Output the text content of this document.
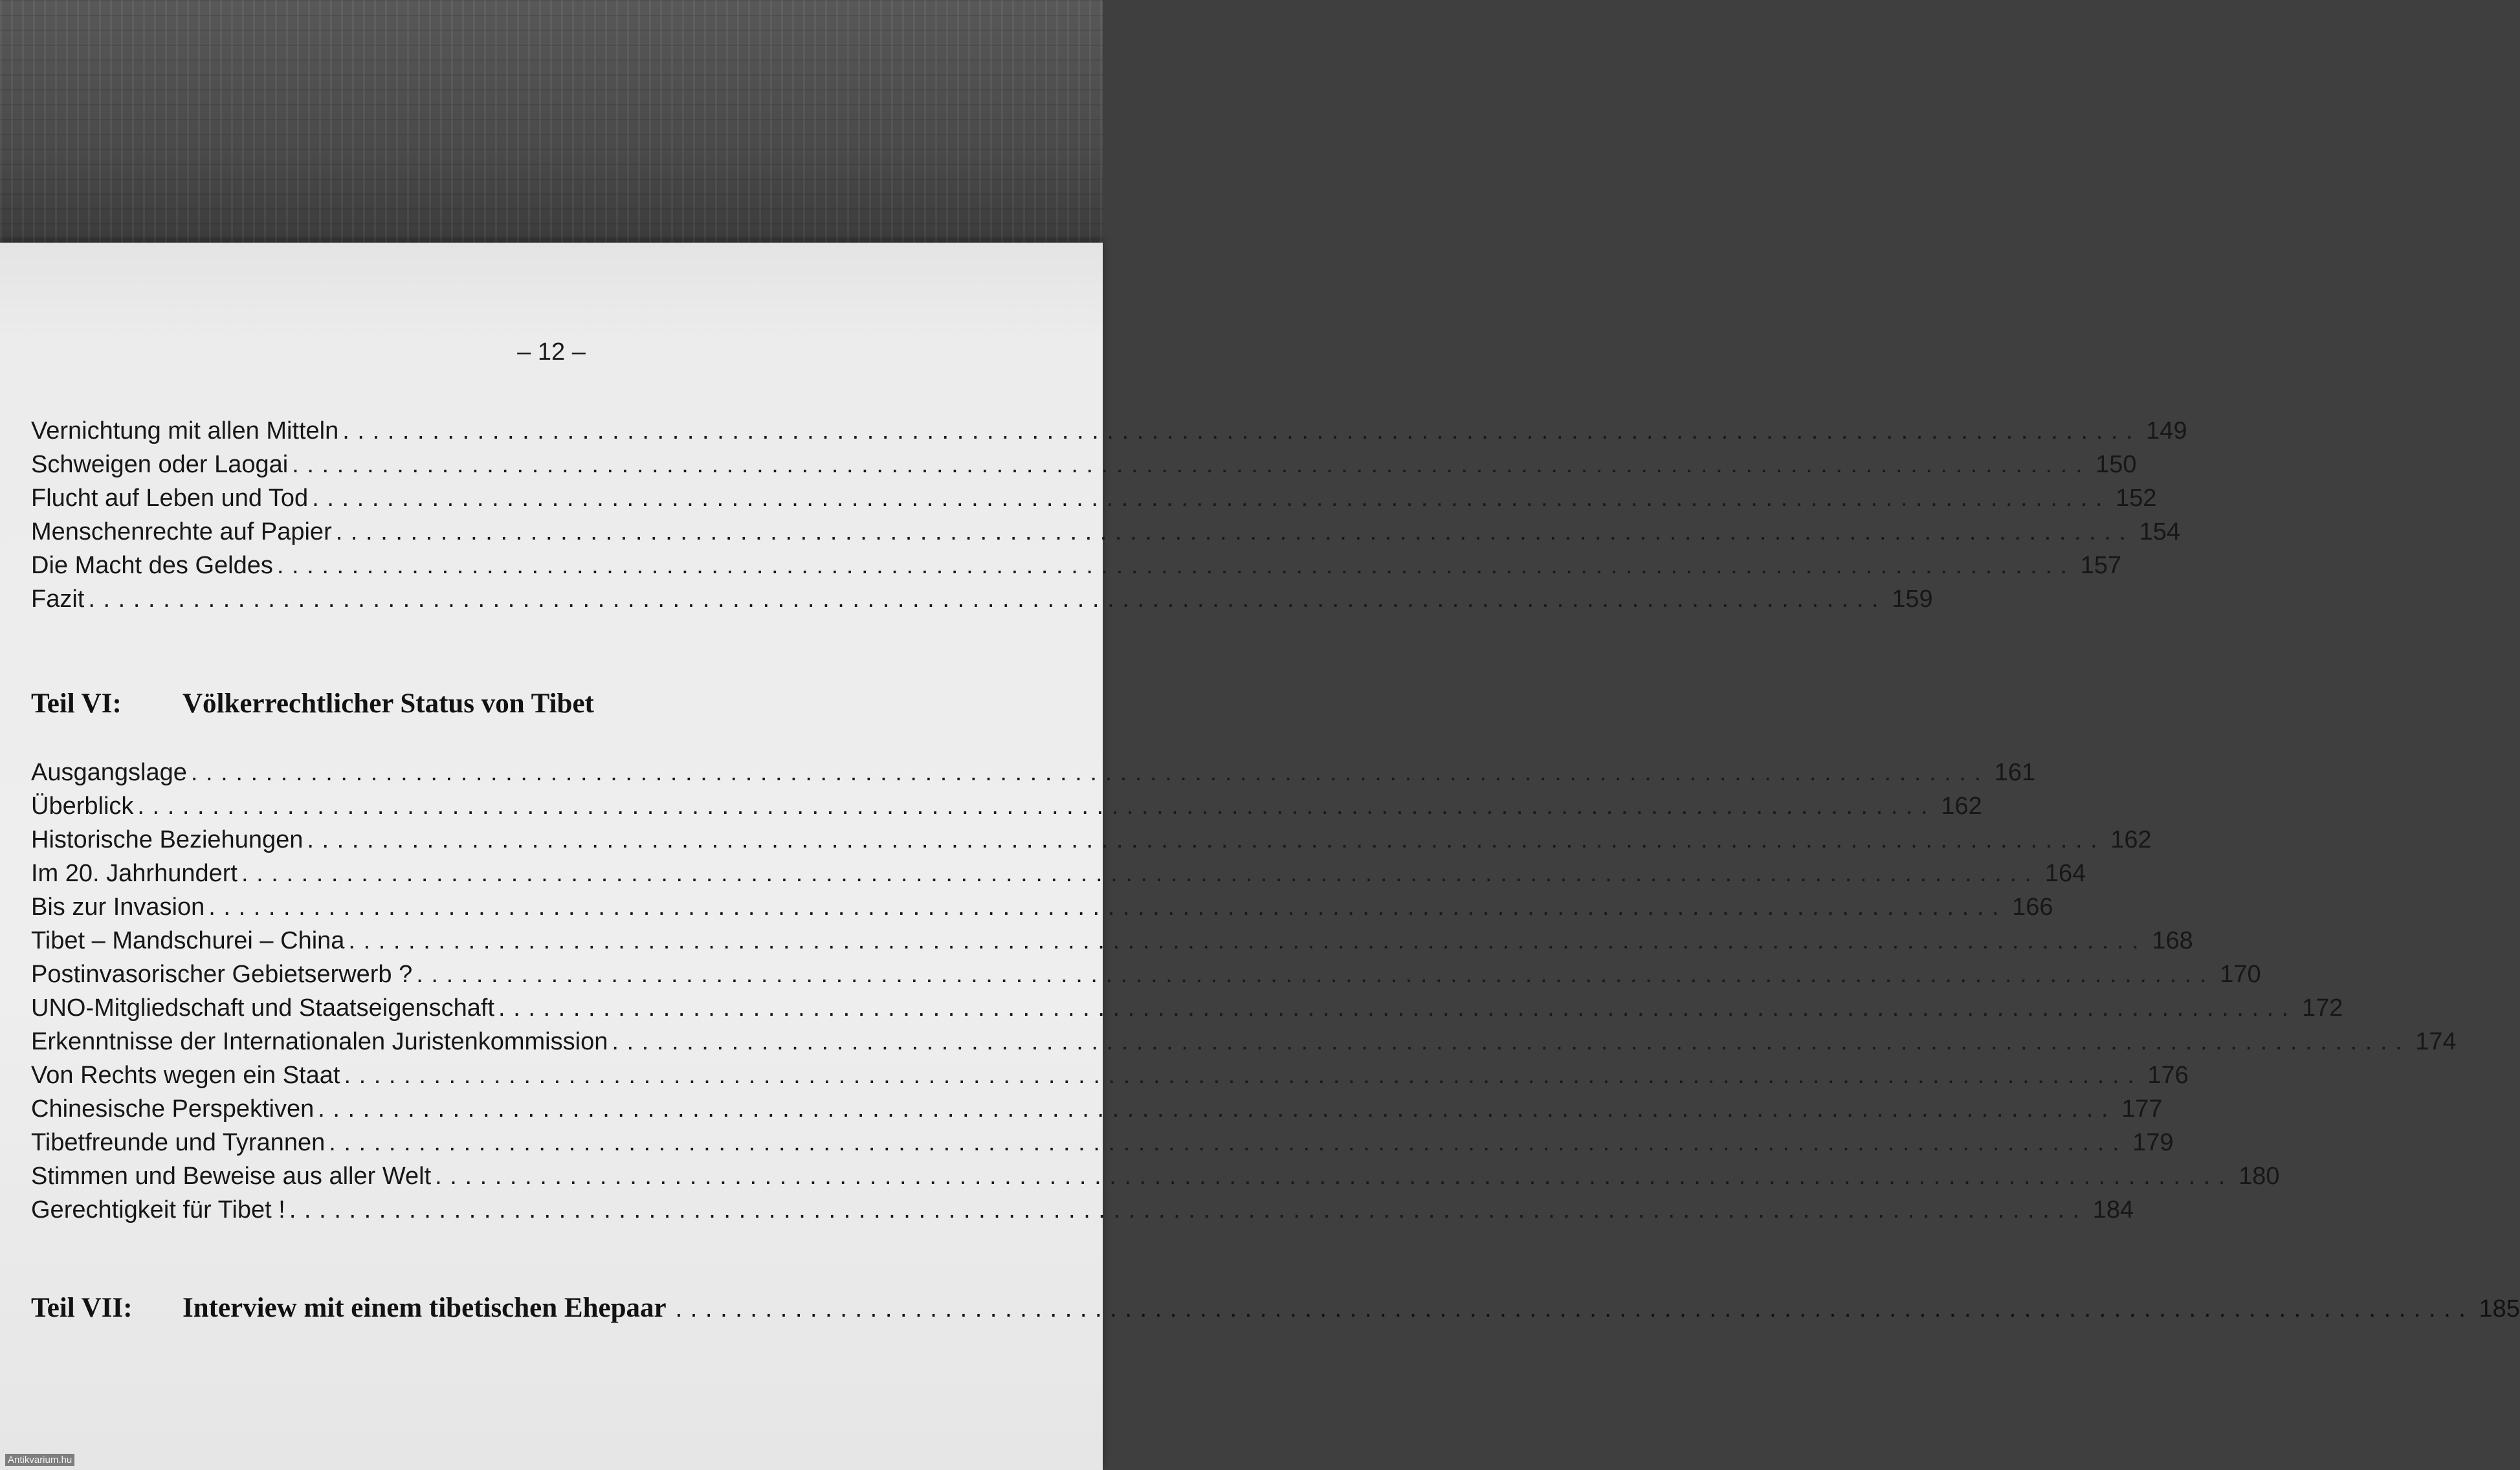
– 12 –
Vernichtung mit allen Mitteln ........................................................................................................................ 149
Schweigen oder Laogai ........................................................................................................................ 150
Flucht auf Leben und Tod ........................................................................................................................ 152
Menschenrechte auf Papier ........................................................................................................................ 154
Die Macht des Geldes ........................................................................................................................ 157
Fazit ........................................................................................................................ 159
Teil VI: Völkerrechtlicher Status von Tibet
Ausgangslage ........................................................................................................................ 161
Überblick ........................................................................................................................ 162
Historische Beziehungen ........................................................................................................................ 162
Im 20. Jahrhundert ........................................................................................................................ 164
Bis zur Invasion ........................................................................................................................ 166
Tibet – Mandschurei – China ........................................................................................................................ 168
Postinvasorischer Gebietserwerb ? ........................................................................................................................ 170
UNO-Mitgliedschaft und Staatseigenschaft ........................................................................................................................ 172
Erkenntnisse der Internationalen Juristenkommission ........................................................................................................................ 174
Von Rechts wegen ein Staat ........................................................................................................................ 176
Chinesische Perspektiven ........................................................................................................................ 177
Tibetfreunde und Tyrannen ........................................................................................................................ 179
Stimmen und Beweise aus aller Welt ........................................................................................................................ 180
Gerechtigkeit für Tibet ! ........................................................................................................................ 184
Teil VII:	Interview mit einem tibetischen Ehepaar ........................................................................................................................ 185
Antikvarium.hu
